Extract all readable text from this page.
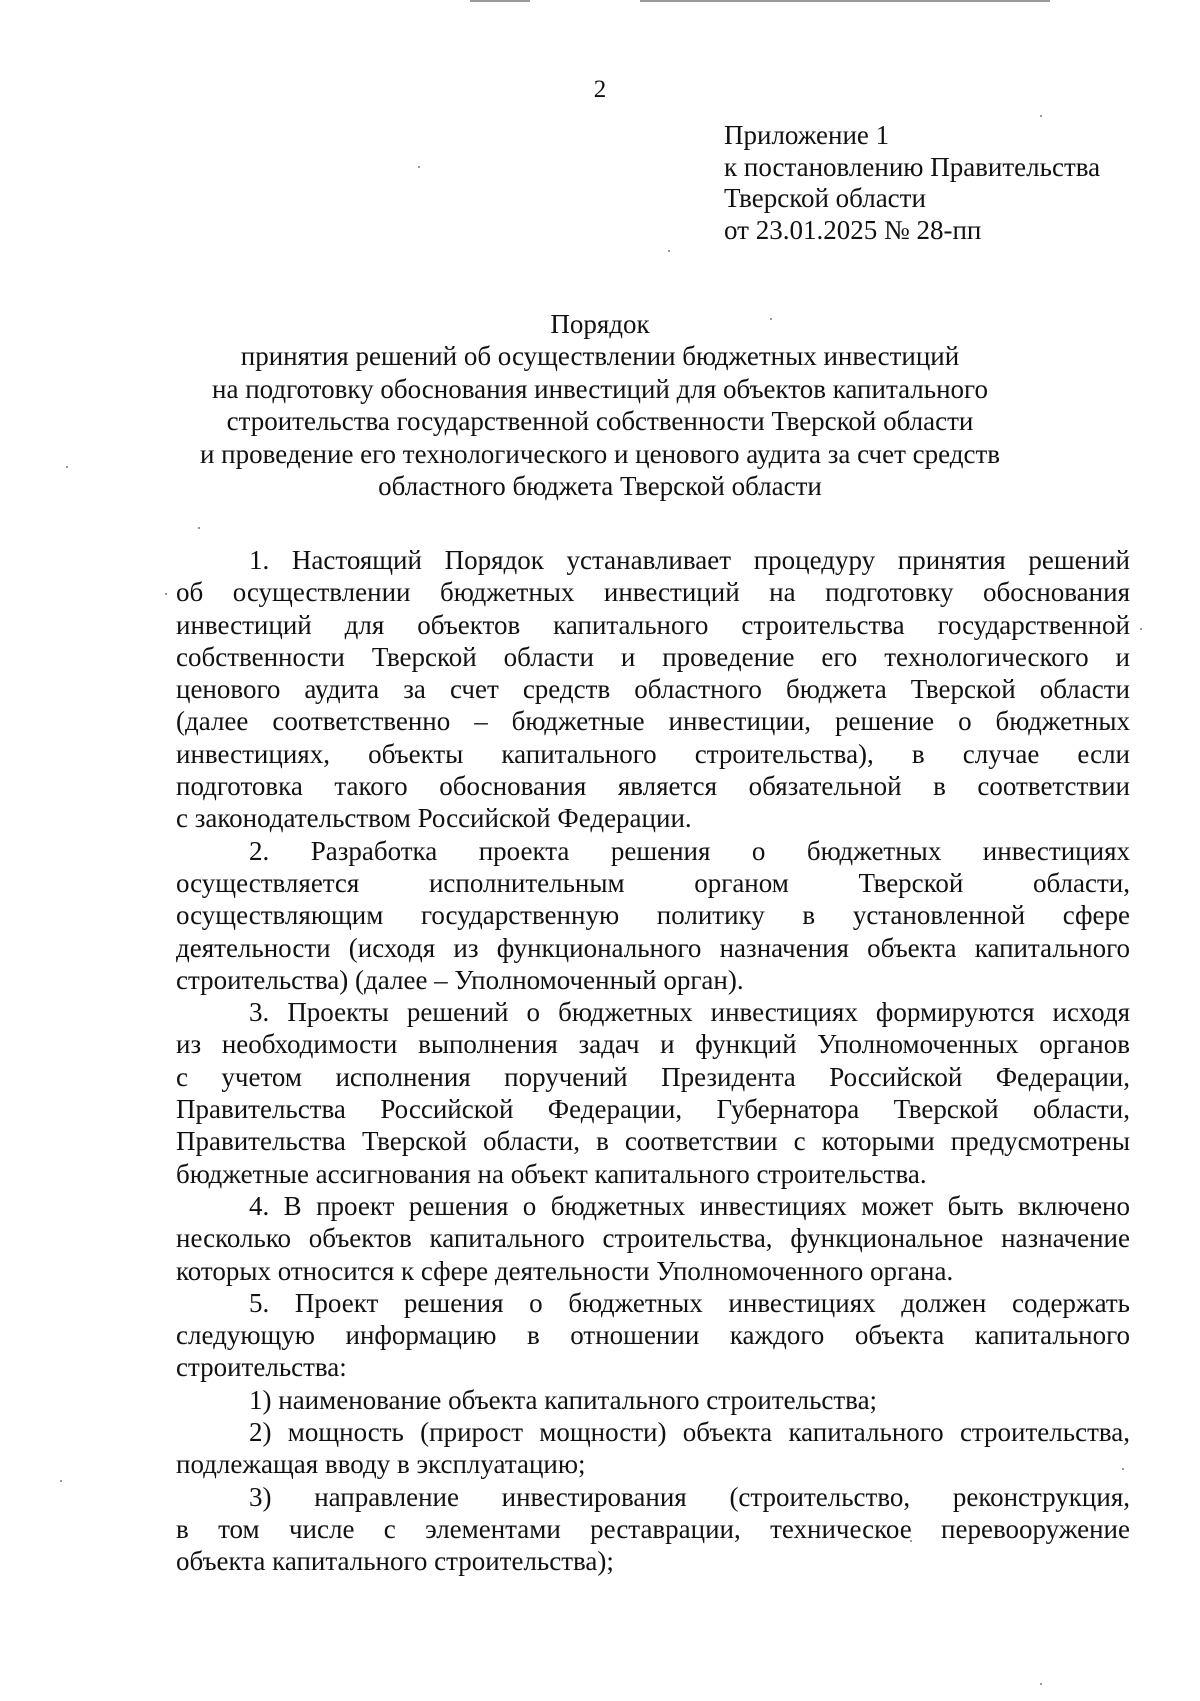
2
Приложение 1
к постановлению Правительства
Тверской области
от 23.01.2025 № 28-пп
Порядок
принятия решений об осуществлении бюджетных инвестиций
на подготовку обоснования инвестиций для объектов капитального
строительства государственной собственности Тверской области
и проведение его технологического и ценового аудита за счет средств
областного бюджета Тверской области
1. Настоящий Порядок устанавливает процедуру принятия решений
об осуществлении бюджетных инвестиций на подготовку обоснования
инвестиций для объектов капитального строительства государственной
собственности Тверской области и проведение его технологического и
ценового аудита за счет средств областного бюджета Тверской области
(далее соответственно – бюджетные инвестиции, решение о бюджетных
инвестициях, объекты капитального строительства), в случае если
подготовка такого обоснования является обязательной в соответствии
с законодательством Российской Федерации.
2. Разработка проекта решения о бюджетных инвестициях
осуществляется исполнительным органом Тверской области,
осуществляющим государственную политику в установленной сфере
деятельности (исходя из функционального назначения объекта капитального
строительства) (далее – Уполномоченный орган).
3. Проекты решений о бюджетных инвестициях формируются исходя
из необходимости выполнения задач и функций Уполномоченных органов
с учетом исполнения поручений Президента Российской Федерации,
Правительства Российской Федерации, Губернатора Тверской области,
Правительства Тверской области, в соответствии с которыми предусмотрены
бюджетные ассигнования на объект капитального строительства.
4. В проект решения о бюджетных инвестициях может быть включено
несколько объектов капитального строительства, функциональное назначение
которых относится к сфере деятельности Уполномоченного органа.
5. Проект решения о бюджетных инвестициях должен содержать
следующую информацию в отношении каждого объекта капитального
строительства:
1) наименование объекта капитального строительства;
2) мощность (прирост мощности) объекта капитального строительства,
подлежащая вводу в эксплуатацию;
3) направление инвестирования (строительство, реконструкция,
в том числе с элементами реставрации, техническое перевооружение
объекта капитального строительства);
